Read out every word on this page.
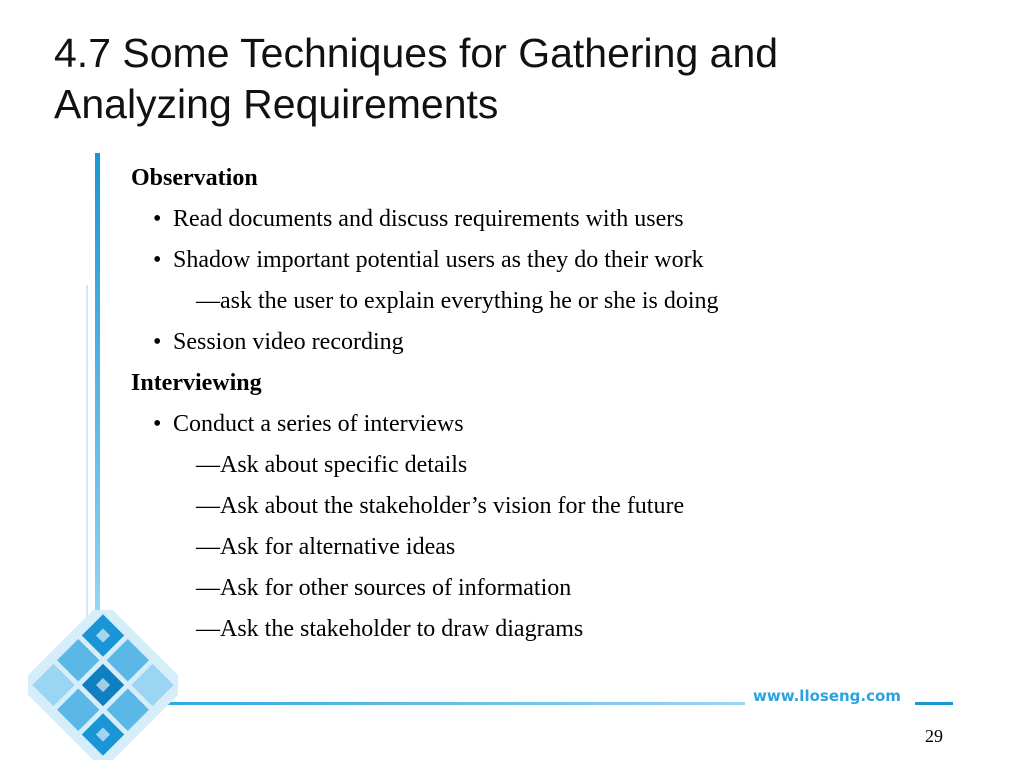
4.7 Some Techniques for Gathering and
Analyzing Requirements
Observation
• Read documents and discuss requirements with users
• Shadow important potential users as they do their work
—ask the user to explain everything he or she is doing
• Session video recording
Interviewing
• Conduct a series of interviews
—Ask about specific details
—Ask about the stakeholder’s vision for the future
—Ask for alternative ideas
—Ask for other sources of information
—Ask the stakeholder to draw diagrams

www.lloseng.com

29
